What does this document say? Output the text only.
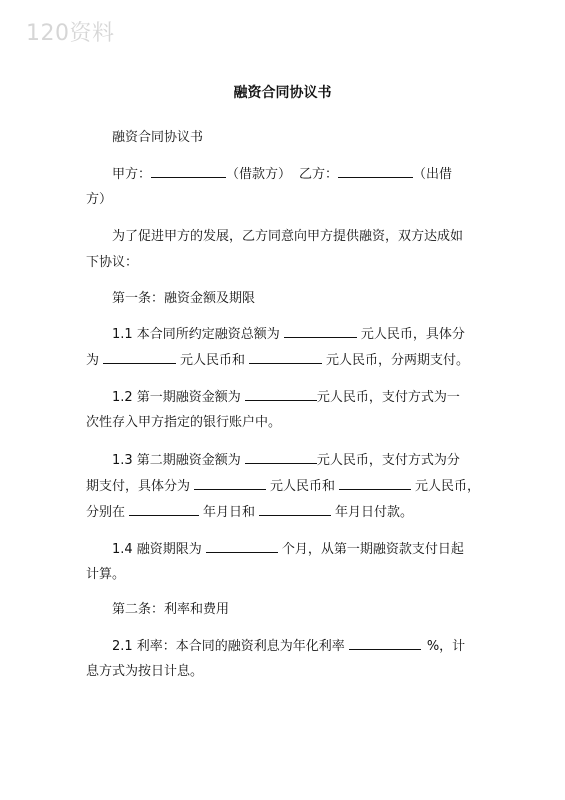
120资料
融资合同协议书
融资合同协议书
甲方：	（借款方） 乙方：	（出借
方）
为了促进甲方的发展，乙方同意向甲方提供融资，双方达成如
下协议：
第一条：融资金额及期限
1.1 本合同所约定融资总额为	元人民币，具体分
为	元人民币和	元人民币，分两期支付。
1.2 第一期融资金额为	元人民币，支付方式为一
次性存入甲方指定的银行账户中。
1.3 第二期融资金额为	元人民币，支付方式为分
期支付，具体分为	元人民币和	元人民币，
分别在	年月日和	年月日付款。
1.4 融资期限为	个月，从第一期融资款支付日起
计算。
第二条：利率和费用
2.1 利率：本合同的融资利息为年化利率	%，计
息方式为按日计息。
